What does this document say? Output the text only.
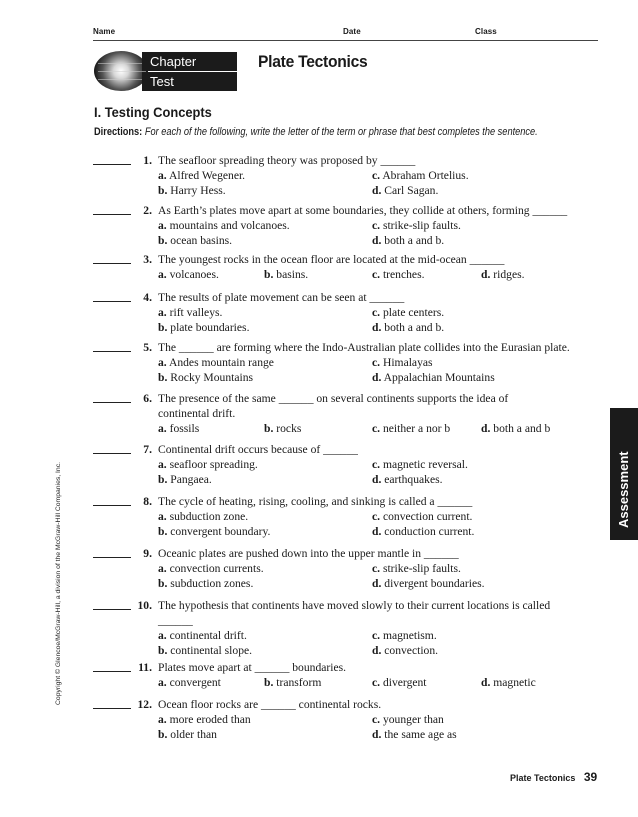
Name	Date	Class
Chapter
Test
Plate Tectonics
I. Testing Concepts
Directions: For each of the following, write the letter of the term or phrase that best completes the sentence.
1. The seafloor spreading theory was proposed by ______
a. Alfred Wegener.	c. Abraham Ortelius.
b. Harry Hess.	d. Carl Sagan.
2. As Earth’s plates move apart at some boundaries, they collide at others, forming ______
a. mountains and volcanoes.	c. strike-slip faults.
b. ocean basins.	d. both a and b.
3. The youngest rocks in the ocean floor are located at the mid-ocean ______
a. volcanoes.	b. basins.	c. trenches.	d. ridges.
4. The results of plate movement can be seen at ______
a. rift valleys.	c. plate centers.
b. plate boundaries.	d. both a and b.
5. The ______ are forming where the Indo-Australian plate collides into the Eurasian plate.
a. Andes mountain range	c. Himalayas
b. Rocky Mountains	d. Appalachian Mountains
6. The presence of the same ______ on several continents supports the idea of continental drift.
a. fossils	b. rocks	c. neither a nor b	d. both a and b
7. Continental drift occurs because of ______
a. seafloor spreading.	c. magnetic reversal.
b. Pangaea.	d. earthquakes.
8. The cycle of heating, rising, cooling, and sinking is called a ______
a. subduction zone.	c. convection current.
b. convergent boundary.	d. conduction current.
9. Oceanic plates are pushed down into the upper mantle in ______
a. convection currents.	c. strike-slip faults.
b. subduction zones.	d. divergent boundaries.
10. The hypothesis that continents have moved slowly to their current locations is called ______
a. continental drift.	c. magnetism.
b. continental slope.	d. convection.
11. Plates move apart at ______ boundaries.
a. convergent	b. transform	c. divergent	d. magnetic
12. Ocean floor rocks are ______ continental rocks.
a. more eroded than	c. younger than
b. older than	d. the same age as
Copyright © Glencoe/McGraw-Hill, a division of the McGraw-Hill Companies, Inc.	Assessment
Plate Tectonics 39
